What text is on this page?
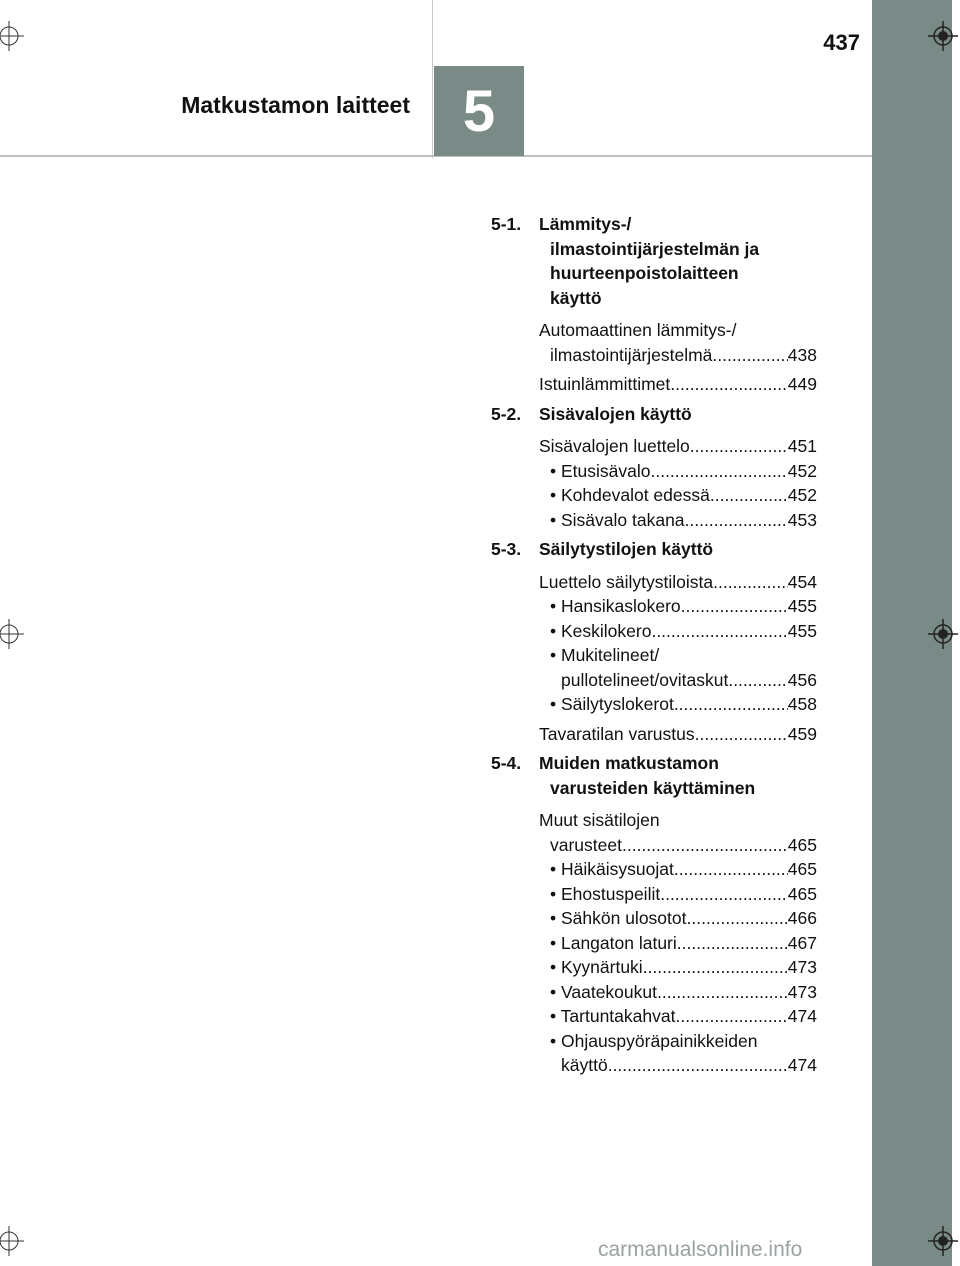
Matkustamon laitteet 5
437
5-1.	Lämmitys-/
ilmastointijärjestelmän ja
huurteenpoistolaitteen
käyttö
Automaattinen lämmitys-/
ilmastointijärjestelmä .....	438
Istuinlämmittimet .....	449
5-2.	Sisävalojen käyttö
Sisävalojen luettelo .....	451
• Etusisävalo .....	452
• Kohdevalot edessä .....	452
• Sisävalo takana .....	453
5-3.	Säilytystilojen käyttö
Luettelo säilytystiloista .....	454
• Hansikaslokero .....	455
• Keskilokero .....	455
• Mukitelineet/
pullotelineet/ovitaskut .....	456
• Säilytyslokerot .....	458
Tavaratilan varustus .....	459
5-4.	Muiden matkustamon
varusteiden käyttäminen
Muut sisätilojen
varusteet .....	465
• Häikäisysuojat .....	465
• Ehostuspeilit .....	465
• Sähkön ulosotot .....	466
• Langaton laturi .....	467
• Kyynärtuki .....	473
• Vaatekoukut .....	473
• Tartuntakahvat .....	474
• Ohjauspyöräpainikkeiden
käyttö .....	474
carmanualsonline.info
